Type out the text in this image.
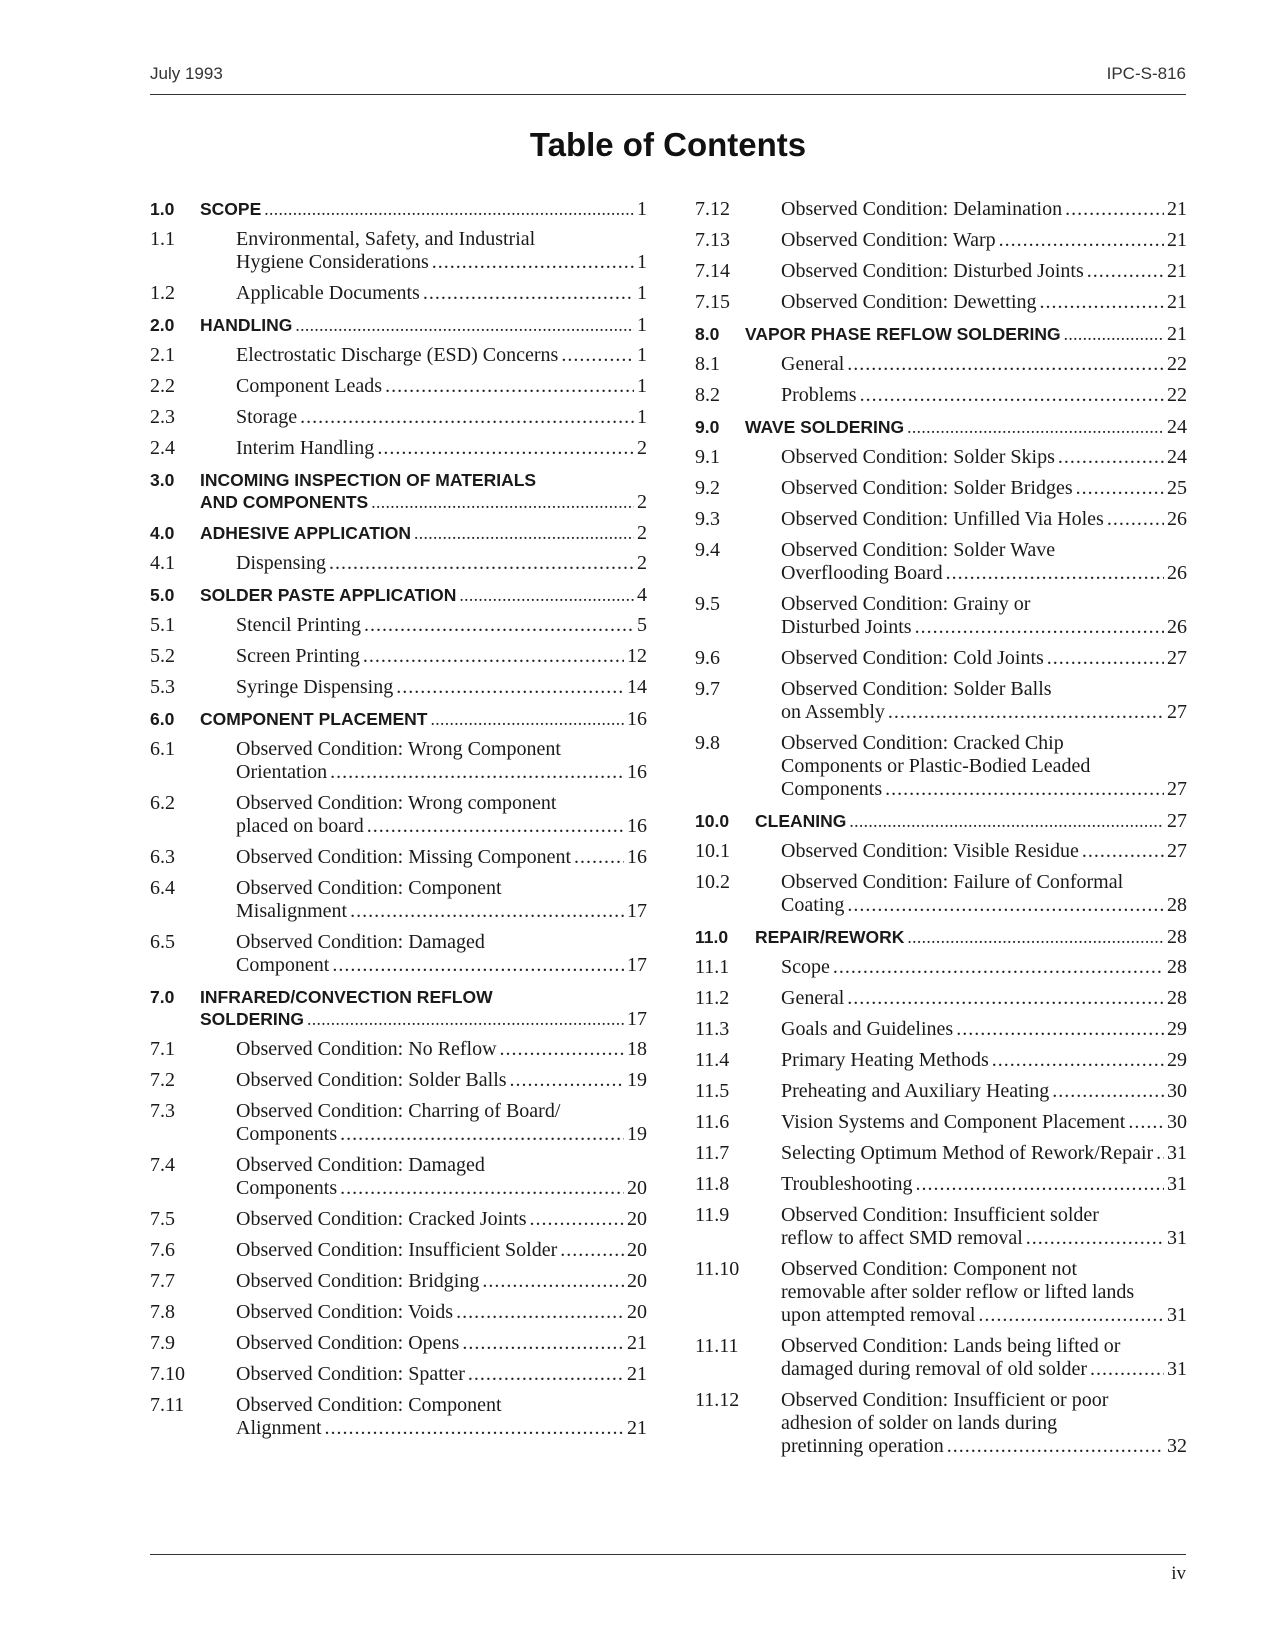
July 1993	IPC-S-816
Table of Contents
1.0 SCOPE . . .	1
1.1	Environmental, Safety, and Industrial
Hygiene Considerations . . .	1
1.2	Applicable Documents . . .	1
2.0 HANDLING . . .	1
2.1	Electrostatic Discharge (ESD) Concerns . . .	1
2.2	Component Leads . . .	1
2.3	Storage . . .	1
2.4	Interim Handling . . .	2
3.0 INCOMING INSPECTION OF MATERIALS
AND COMPONENTS . . .	2
4.0 ADHESIVE APPLICATION . . .	2
4.1	Dispensing . . .	2
5.0 SOLDER PASTE APPLICATION . . .	4
5.1	Stencil Printing . . .	5
5.2	Screen Printing . . .	12
5.3	Syringe Dispensing . . .	14
6.0 COMPONENT PLACEMENT . . .	16
6.1	Observed Condition: Wrong Component
Orientation . . .	16
6.2	Observed Condition: Wrong component
placed on board . . .	16
6.3	Observed Condition: Missing Component . . .	16
6.4	Observed Condition: Component
Misalignment . . .	17
6.5	Observed Condition: Damaged
Component . . .	17
7.0 INFRARED/CONVECTION REFLOW
SOLDERING . . .	17
7.1	Observed Condition: No Reflow . . .	18
7.2	Observed Condition: Solder Balls . . .	19
7.3	Observed Condition: Charring of Board/
Components . . .	19
7.4	Observed Condition: Damaged
Components . . .	20
7.5	Observed Condition: Cracked Joints . . .	20
7.6	Observed Condition: Insufficient Solder . . .	20
7.7	Observed Condition: Bridging . . .	20
7.8	Observed Condition: Voids . . .	20
7.9	Observed Condition: Opens . . .	21
7.10	Observed Condition: Spatter . . .	21
7.11	Observed Condition: Component
Alignment . . .	21
7.12	Observed Condition: Delamination . . .	21
7.13	Observed Condition: Warp . . .	21
7.14	Observed Condition: Disturbed Joints . . .	21
7.15	Observed Condition: Dewetting . . .	21
8.0 VAPOR PHASE REFLOW SOLDERING . . .	21
8.1	General . . .	22
8.2	Problems . . .	22
9.0 WAVE SOLDERING . . .	24
9.1	Observed Condition: Solder Skips . . .	24
9.2	Observed Condition: Solder Bridges . . .	25
9.3	Observed Condition: Unfilled Via Holes . . .	26
9.4	Observed Condition: Solder Wave
Overflooding Board . . .	26
9.5	Observed Condition: Grainy or
Disturbed Joints . . .	26
9.6	Observed Condition: Cold Joints . . .	27
9.7	Observed Condition: Solder Balls
on Assembly . . .	27
9.8	Observed Condition: Cracked Chip
Components or Plastic-Bodied Leaded
Components . . .	27
10.0 CLEANING . . .	27
10.1	Observed Condition: Visible Residue . . .	27
10.2	Observed Condition: Failure of Conformal
Coating . . .	28
11.0 REPAIR/REWORK . . .	28
11.1	Scope . . .	28
11.2	General . . .	28
11.3	Goals and Guidelines . . .	29
11.4	Primary Heating Methods . . .	29
11.5	Preheating and Auxiliary Heating . . .	30
11.6	Vision Systems and Component Placement . . . 30
11.7	Selecting Optimum Method of Rework/Repair . . . 31
11.8	Troubleshooting . . .	31
11.9	Observed Condition: Insufficient solder
reflow to affect SMD removal . . .	31
11.10 Observed Condition: Component not
removable after solder reflow or lifted lands
upon attempted removal . . .	31
11.11 Observed Condition: Lands being lifted or
damaged during removal of old solder . . .	31
11.12 Observed Condition: Insufficient or poor
adhesion of solder on lands during
pretinning operation . . .	32
iv
